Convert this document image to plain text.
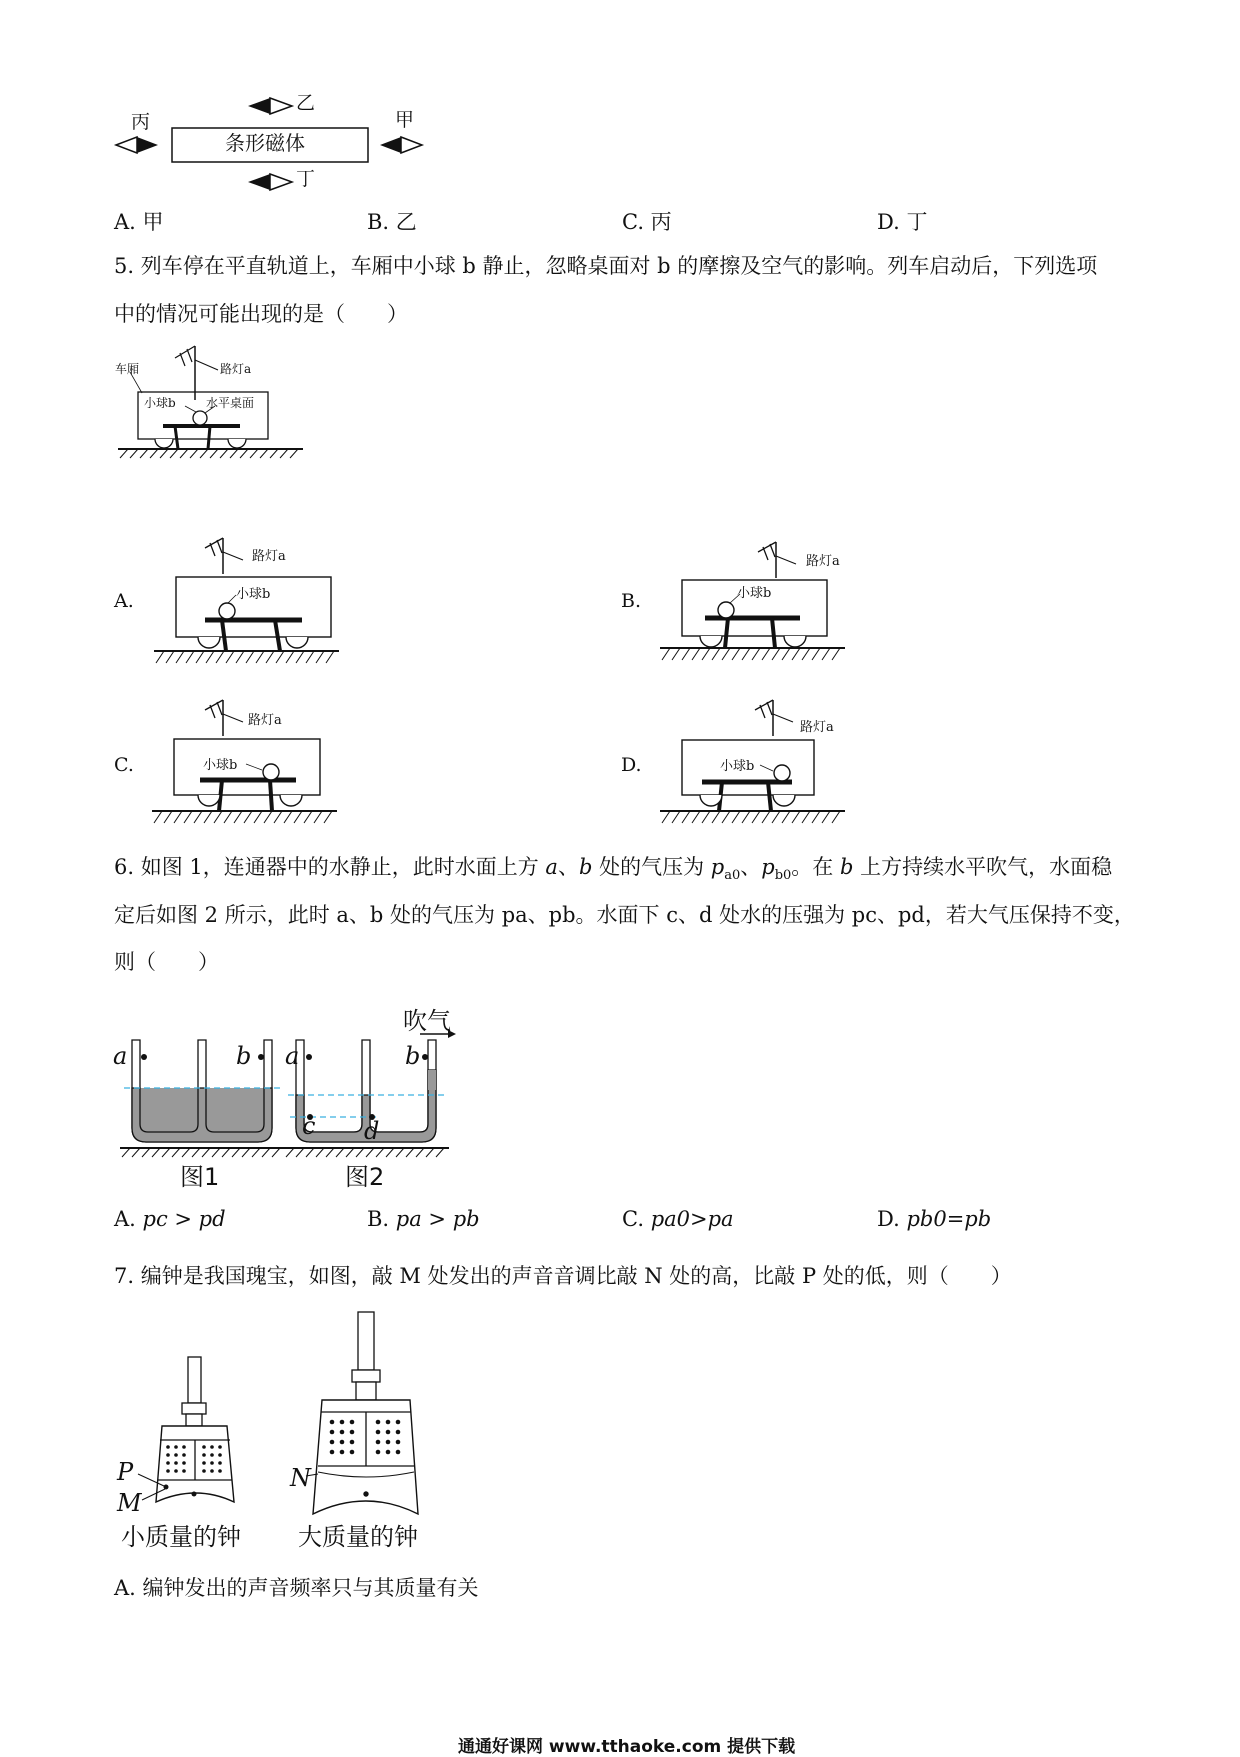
条形磁体
乙
丁
丙	甲
A. 甲	B. 乙	C. 丙	D. 丁
5. 列车停在平直轨道上，车厢中小球 b 静止，忽略桌面对 b 的摩擦及空气的影响。列车启动后，下列选项
中的情况可能出现的是（　　）
车厢	路灯a
小球b	水平桌面
A.	B.
C.	D.
路灯a
小球b
路灯a
小球b
路灯a
小球b
路灯a
小球b
6. 如图 1，连通器中的水静止，此时水面上方 a、b 处的气压为 $p_{a0}$、$p_{b0}$。在 b 上方持续水平吹气，水面稳
定后如图 2 所示，此时 a、b 处的气压为 pa、pb。水面下 c、d 处水的压强为 pc、pd，若大气压保持不变，
则（　　）
a	b a	b
c d
吹气
图1	图2
A. pc > pd	B. pa > pb	C. pa0>pa	D. pb0=pb
7. 编钟是我国瑰宝，如图，敲 M 处发出的声音音调比敲 N 处的高，比敲 P 处的低，则（　　）
P
M
N
小质量的钟 大质量的钟
A. 编钟发出的声音频率只与其质量有关
通通好课网 www.tthaoke.com 提供下载
